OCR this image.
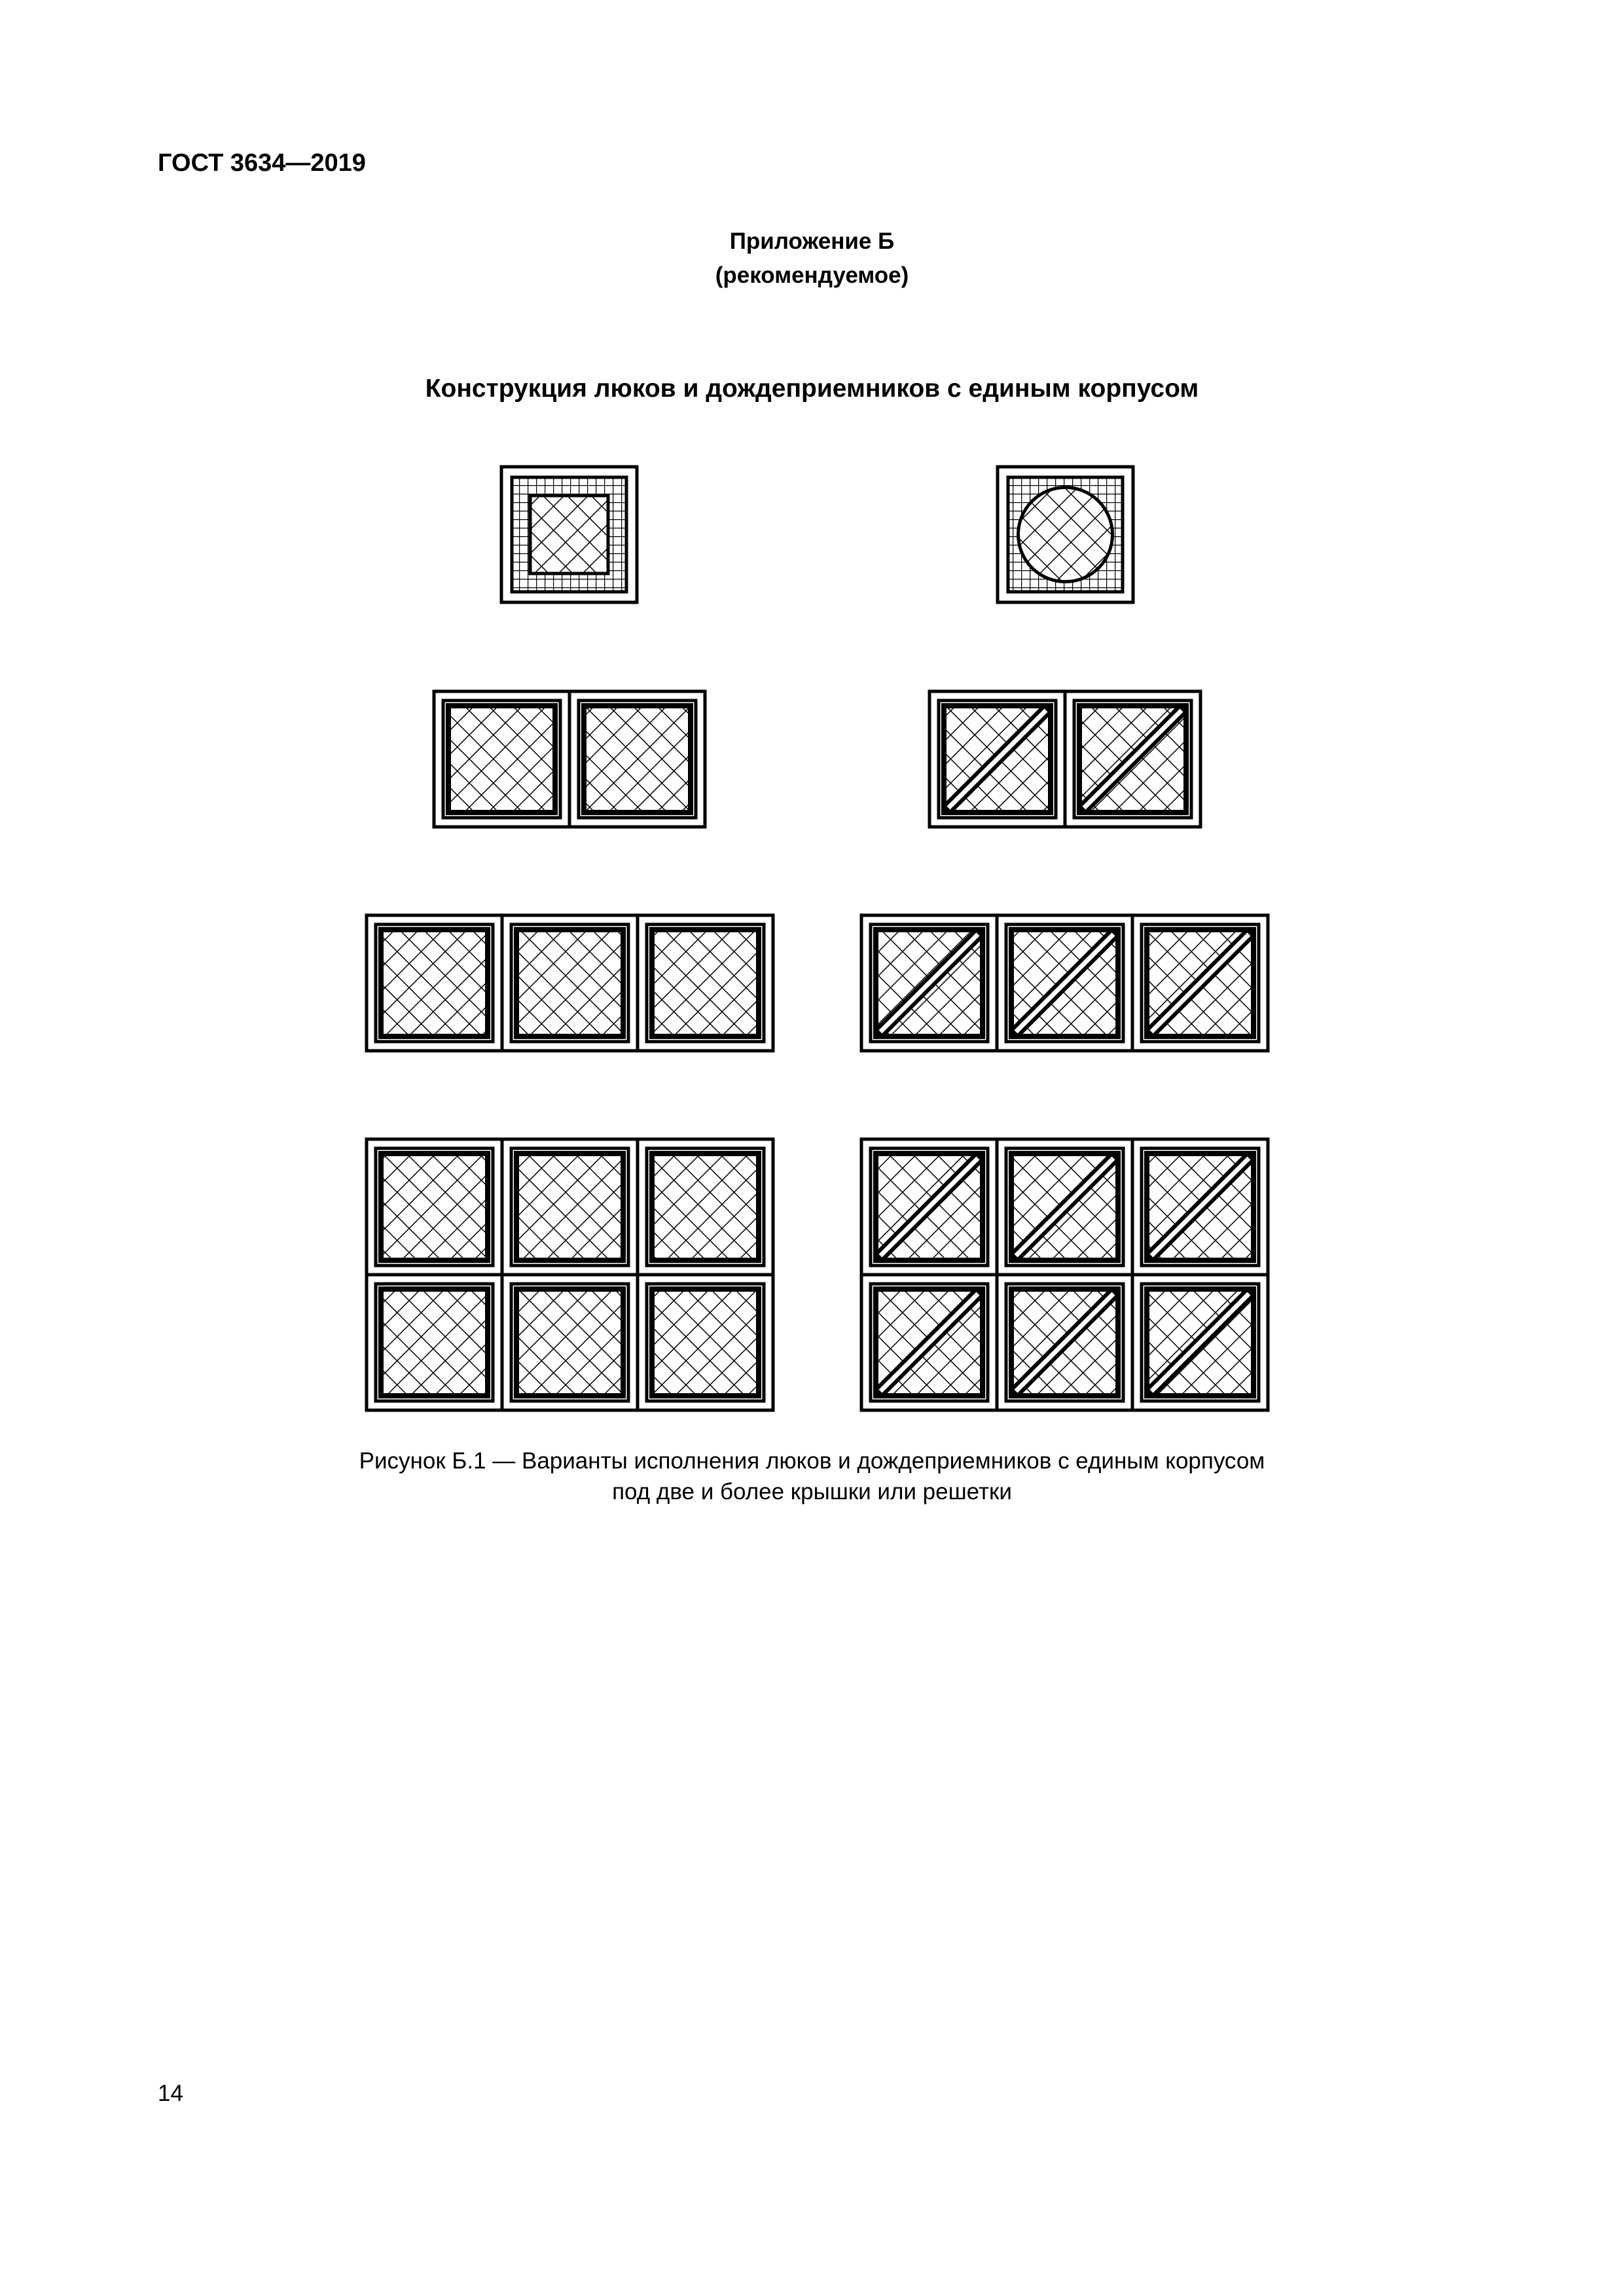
ГОСТ 3634—2019
Приложение Б
(рекомендуемое)
Конструкция люков и дождеприемников с единым корпусом
Рисунок Б.1 — Варианты исполнения люков и дождеприемников с единым корпусом
под две и более крышки или решетки
14
